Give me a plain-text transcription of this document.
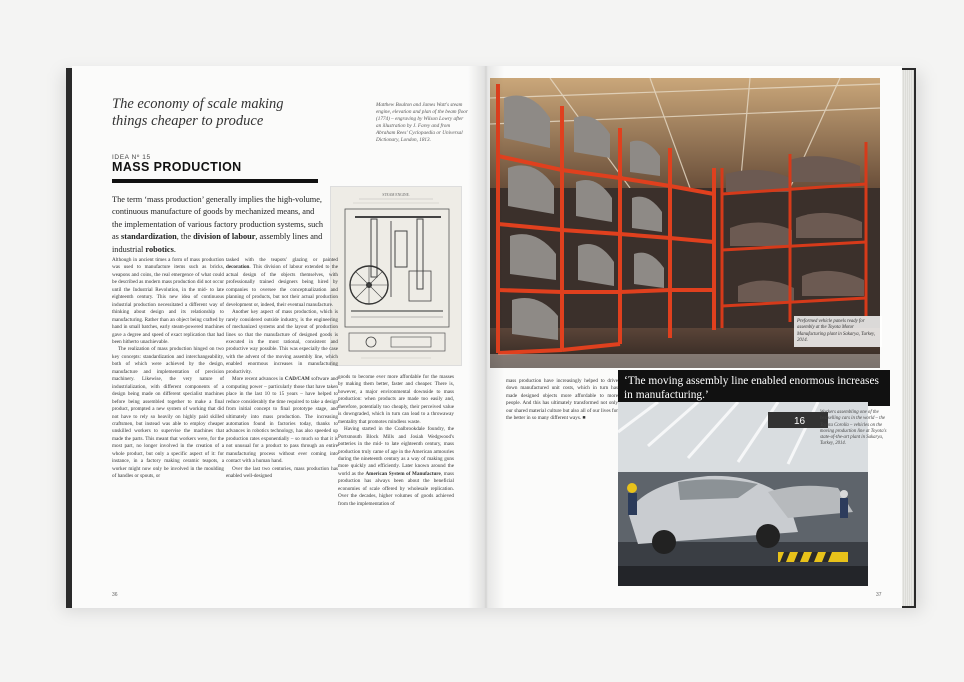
The economy of scale making things cheaper to produce
Matthew Boulton and James Watt's steam engine, elevation and plan of the beam floor (1774) – engraving by Wilson Lowry after an illustration by J. Farey and from Abraham Rees' Cyclopaedia or Universal Dictionary, London, 1813.
IDEA Nº 15
MASS PRODUCTION
The term ‘mass production’ generally implies the high-volume, continuous manufacture of goods by mechanized means, and the implementation of various factory production systems, such as standardization, the division of labour, assembly lines and industrial robotics.
STEAM ENGINE.

Although in ancient times a form of mass production was used to manufacture items such as bricks, weapons and coins, the real emergence of what could be described as modern mass production did not occur until the Industrial Revolution, in the mid- to late eighteenth century. This new idea of continuous industrial production necessitated a different way of thinking about design and its relationship to manufacturing. Rather than an object being crafted by hand in small batches, early steam-powered machines gave a degree and speed of exact replication that had been hitherto unachievable.

The realization of mass production hinged on two key concepts: standardization and interchangeability, both of which were achieved by the design, manufacture and implementation of precision machinery. Likewise, the very nature of industrialization, with different components of a design being made on different specialist machines before being assembled together to make a final product, prompted a new system of working that did not have to rely so heavily on highly paid skilled craftsmen, but instead was able to employ cheaper unskilled workers to supervise the machines that made the parts. This meant that workers were, for the most part, no longer involved in the creation of a whole product, but only a specific aspect of it: for instance, in a factory making ceramic teapots, a worker might now only be involved in the moulding of handles or spouts, or

tasked with the teapots' glazing or painted decoration. This division of labour extended to the actual design of the objects themselves, with professionally trained designers being hired by companies to oversee the conceptualization and planning of products, but not their actual production development or, indeed, their eventual manufacture.

Another key aspect of mass production, which is rarely considered outside industry, is the engineering of mechanized systems and the layout of production lines so that the manufacture of designed goods is executed in the most rational, consistent and productive way possible. This was especially the case with the advent of the moving assembly line, which enabled enormous increases in manufacturing productivity.

More recent advances in CAD/CAM software and computing power – particularly those that have taken place in the last 10 to 15 years – have helped to reduce considerably the time required to take a design from initial concept to final prototype stage, and ultimately into mass production. The increasing automation found in factories today, thanks to advances in robotics technology, has also speeded up production rates exponentially – so much so that it is not unusual for a product to pass through an entire manufacturing process without ever coming into contact with a human hand.

Over the last two centuries, mass production has enabled well-designed

goods to become ever more affordable for the masses by making them better, faster and cheaper. There is, however, a major environmental downside to mass production: when products are made too easily and, therefore, potentially too cheaply, their perceived value is downgraded, which in turn can lead to a throwaway mentality that promotes mindless waste.

Having started in the Coalbrookdale foundry, the Portsmouth Block Mills and Josiah Wedgwood's potteries in the mid- to late eighteenth century, mass production truly came of age in the American armouries during the nineteenth century as a way of making guns more quickly and efficiently. Later known around the world as the American System of Manufacture, mass production has always been about the beneficial economies of scale offered by wholesale replication. Over the decades, higher volumes of goods achieved from the implementation of

36
Preformed vehicle panels ready for assembly at the Toyota Motor Manufacturing plant in Sakarya, Turkey, 2014.

mass production have increasingly helped to drive down manufactured unit costs, which in turn has made designed objects more affordable to more people. And this has ultimately transformed not only our shared material culture but also all of our lives for the better in so many different ways. ■

‘The moving assembly line enabled enormous increases in manufacturing.’
16
Workers assembling one of the bestselling cars in the world – the Toyota Corolla – vehicles on the moving production line at Toyota's state-of-the-art plant in Sakarya, Turkey, 2014.
37
